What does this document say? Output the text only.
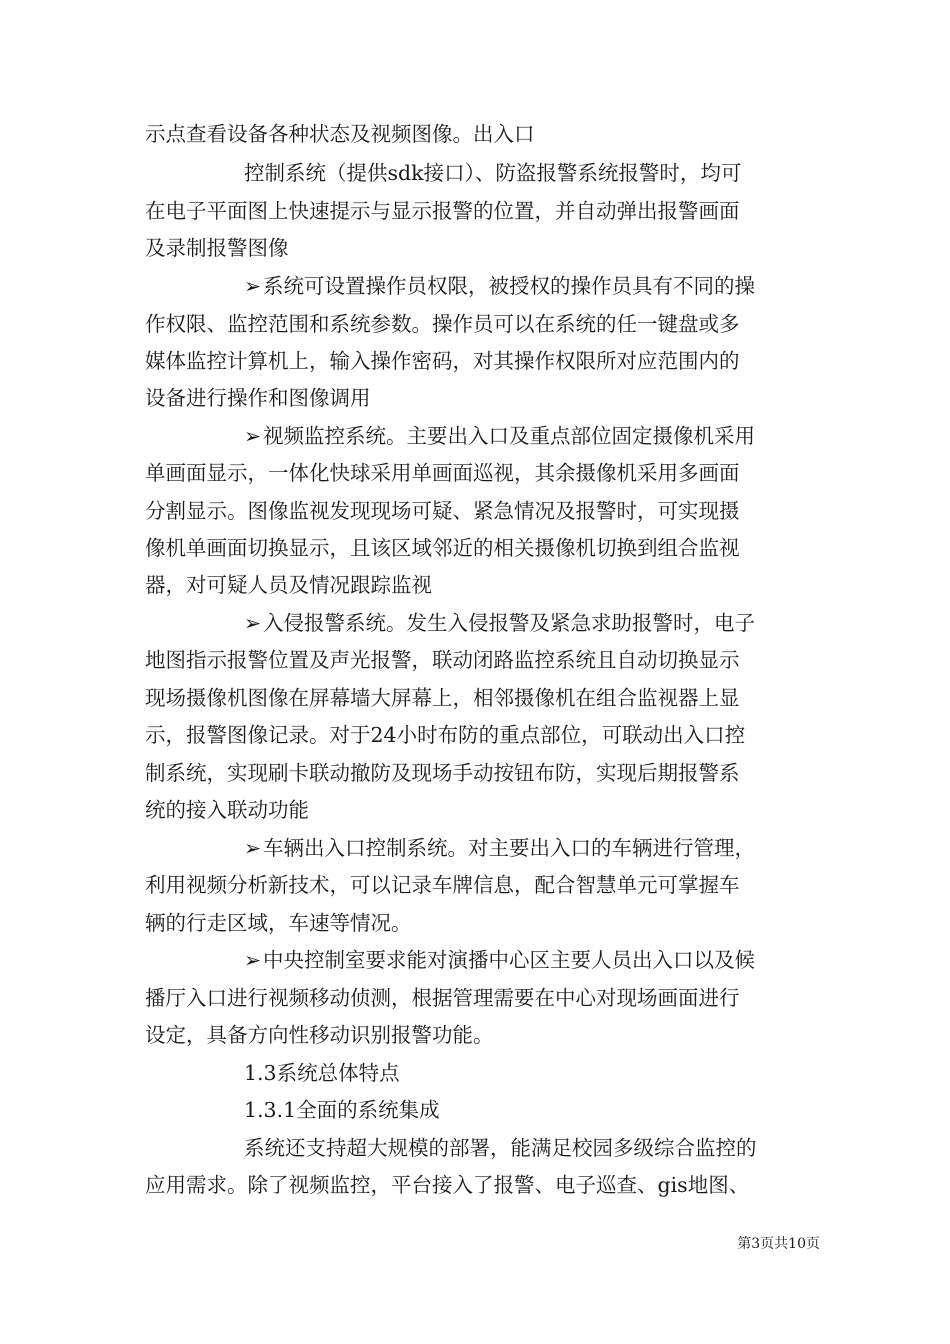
示点查看设备各种状态及视频图像。出入口
控制系统（提供sdk接口）、防盗报警系统报警时，均可
在电子平面图上快速提示与显示报警的位置，并自动弹出报警画面
及录制报警图像
➢系统可设置操作员权限，被授权的操作员具有不同的操
作权限、监控范围和系统参数。操作员可以在系统的任一键盘或多
媒体监控计算机上，输入操作密码，对其操作权限所对应范围内的
设备进行操作和图像调用
➢视频监控系统。主要出入口及重点部位固定摄像机采用
单画面显示，一体化快球采用单画面巡视，其余摄像机采用多画面
分割显示。图像监视发现现场可疑、紧急情况及报警时，可实现摄
像机单画面切换显示，且该区域邻近的相关摄像机切换到组合监视
器，对可疑人员及情况跟踪监视
➢入侵报警系统。发生入侵报警及紧急求助报警时，电子
地图指示报警位置及声光报警，联动闭路监控系统且自动切换显示
现场摄像机图像在屏幕墙大屏幕上，相邻摄像机在组合监视器上显
示，报警图像记录。对于24小时布防的重点部位，可联动出入口控
制系统，实现刷卡联动撤防及现场手动按钮布防，实现后期报警系
统的接入联动功能
➢车辆出入口控制系统。对主要出入口的车辆进行管理，
利用视频分析新技术，可以记录车牌信息，配合智慧单元可掌握车
辆的行走区域，车速等情况。
➢中央控制室要求能对演播中心区主要人员出入口以及候
播厅入口进行视频移动侦测，根据管理需要在中心对现场画面进行
设定，具备方向性移动识别报警功能。
1.3系统总体特点
1.3.1全面的系统集成
系统还支持超大规模的部署，能满足校园多级综合监控的
应用需求。除了视频监控，平台接入了报警、电子巡查、gis地图、
第3页共10页
